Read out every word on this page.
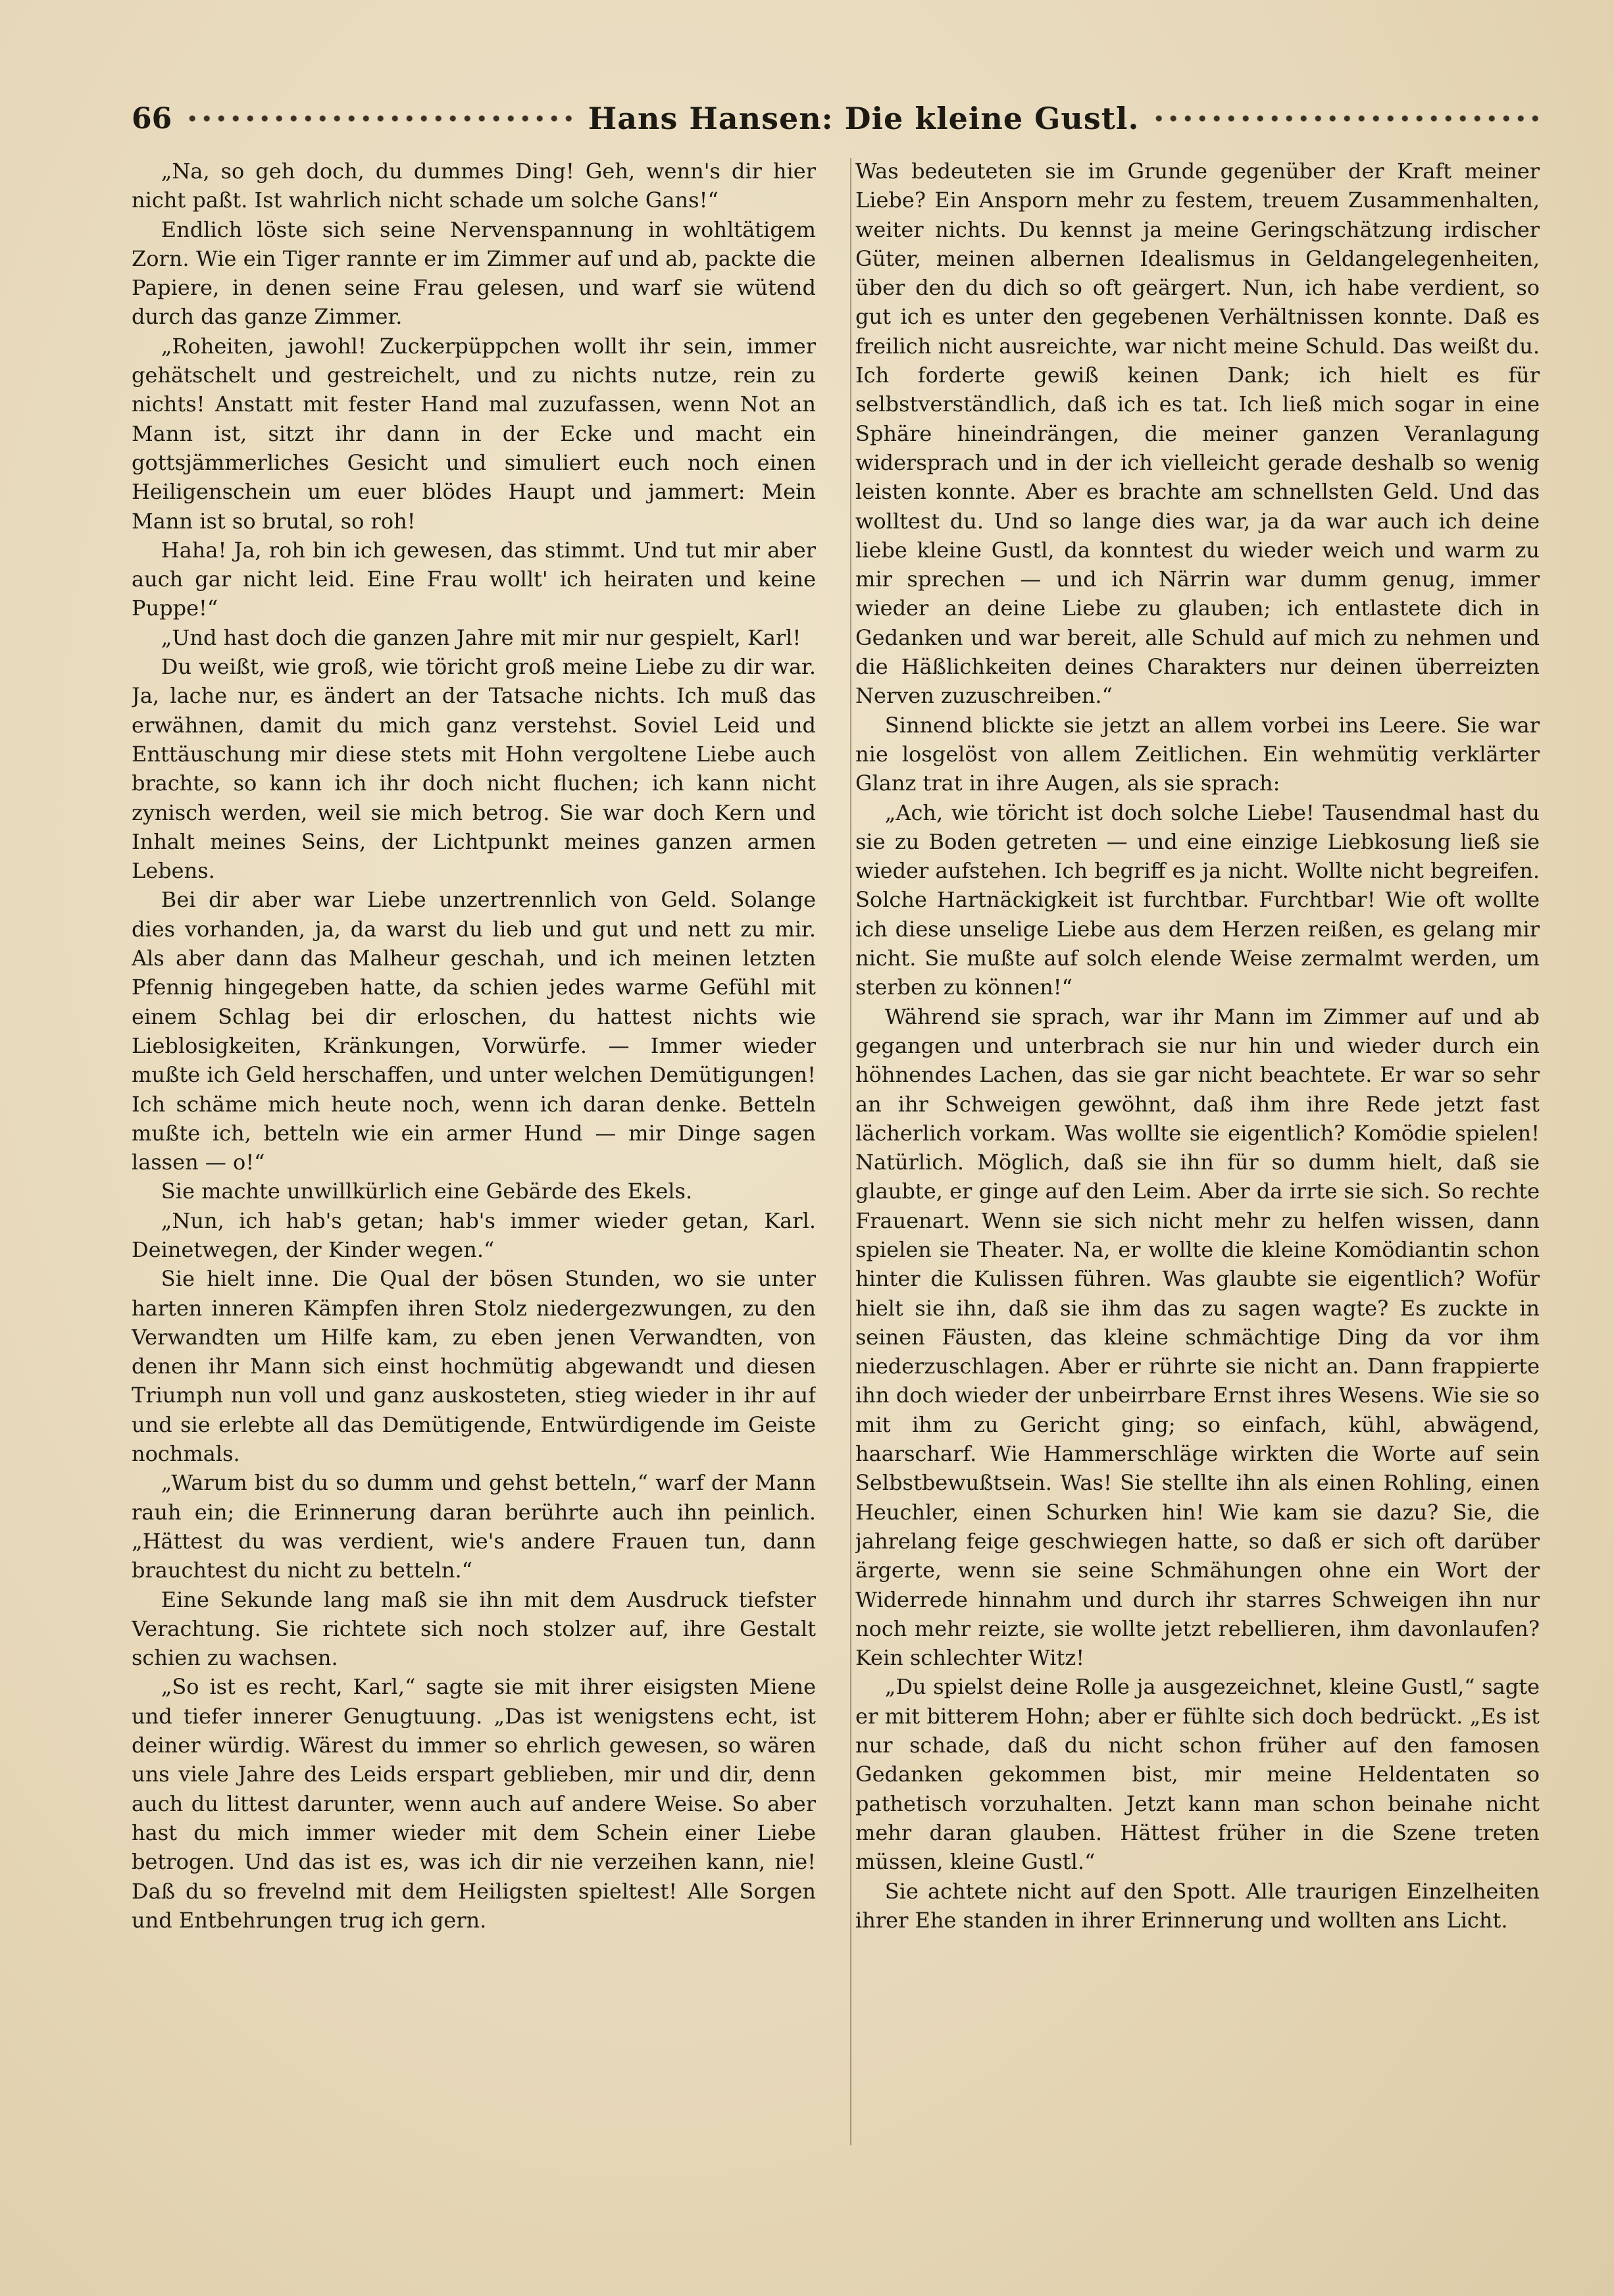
66	Hans Hansen: Die kleine Gustl.

„Na, so geh doch, du dummes Ding! Geh, wenn's dir hier nicht paßt. Ist wahrlich nicht schade um solche Gans!“

Endlich löste sich seine Nervenspannung in wohltätigem Zorn. Wie ein Tiger rannte er im Zimmer auf und ab, packte die Papiere, in denen seine Frau gelesen, und warf sie wütend durch das ganze Zimmer.

„Roheiten, jawohl! Zuckerpüppchen wollt ihr sein, immer gehätschelt und gestreichelt, und zu nichts nutze, rein zu nichts! Anstatt mit fester Hand mal zuzufassen, wenn Not an Mann ist, sitzt ihr dann in der Ecke und macht ein gottsjämmerliches Gesicht und simuliert euch noch einen Heiligenschein um euer blödes Haupt und jammert: Mein Mann ist so brutal, so roh!

Haha! Ja, roh bin ich gewesen, das stimmt. Und tut mir aber auch gar nicht leid. Eine Frau wollt' ich heiraten und keine Puppe!“

„Und hast doch die ganzen Jahre mit mir nur gespielt, Karl!

Du weißt, wie groß, wie töricht groß meine Liebe zu dir war. Ja, lache nur, es ändert an der Tatsache nichts. Ich muß das erwähnen, damit du mich ganz verstehst. Soviel Leid und Enttäuschung mir diese stets mit Hohn vergoltene Liebe auch brachte, so kann ich ihr doch nicht fluchen; ich kann nicht zynisch werden, weil sie mich betrog. Sie war doch Kern und Inhalt meines Seins, der Lichtpunkt meines ganzen armen Lebens.

Bei dir aber war Liebe unzertrennlich von Geld. Solange dies vorhanden, ja, da warst du lieb und gut und nett zu mir. Als aber dann das Malheur geschah, und ich meinen letzten Pfennig hingegeben hatte, da schien jedes warme Gefühl mit einem Schlag bei dir erloschen, du hattest nichts wie Lieblosigkeiten, Kränkungen, Vorwürfe. — Immer wieder mußte ich Geld herschaffen, und unter welchen Demütigungen! Ich schäme mich heute noch, wenn ich daran denke. Betteln mußte ich, betteln wie ein armer Hund — mir Dinge sagen lassen — o!“

Sie machte unwillkürlich eine Gebärde des Ekels.

„Nun, ich hab's getan; hab's immer wieder getan, Karl. Deinetwegen, der Kinder wegen.“

Sie hielt inne. Die Qual der bösen Stunden, wo sie unter harten inneren Kämpfen ihren Stolz niedergezwungen, zu den Verwandten um Hilfe kam, zu eben jenen Verwandten, von denen ihr Mann sich einst hochmütig abgewandt und diesen Triumph nun voll und ganz auskosteten, stieg wieder in ihr auf und sie erlebte all das Demütigende, Entwürdigende im Geiste nochmals.

„Warum bist du so dumm und gehst betteln,“ warf der Mann rauh ein; die Erinnerung daran berührte auch ihn peinlich. „Hättest du was verdient, wie's andere Frauen tun, dann brauchtest du nicht zu betteln.“

Eine Sekunde lang maß sie ihn mit dem Ausdruck tiefster Verachtung. Sie richtete sich noch stolzer auf, ihre Gestalt schien zu wachsen.

„So ist es recht, Karl,“ sagte sie mit ihrer eisigsten Miene und tiefer innerer Genugtuung. „Das ist wenigstens echt, ist deiner würdig. Wärest du immer so ehrlich gewesen, so wären uns viele Jahre des Leids erspart geblieben, mir und dir, denn auch du littest darunter, wenn auch auf andere Weise. So aber hast du mich immer wieder mit dem Schein einer Liebe betrogen. Und das ist es, was ich dir nie verzeihen kann, nie! Daß du so frevelnd mit dem Heiligsten spieltest! Alle Sorgen und Entbehrungen trug ich gern.

Was bedeuteten sie im Grunde gegenüber der Kraft meiner Liebe? Ein Ansporn mehr zu festem, treuem Zusammenhalten, weiter nichts. Du kennst ja meine Geringschätzung irdischer Güter, meinen albernen Idealismus in Geldangelegenheiten, über den du dich so oft geärgert. Nun, ich habe verdient, so gut ich es unter den gegebenen Verhältnissen konnte. Daß es freilich nicht ausreichte, war nicht meine Schuld. Das weißt du. Ich forderte gewiß keinen Dank; ich hielt es für selbstverständlich, daß ich es tat. Ich ließ mich sogar in eine Sphäre hineindrängen, die meiner ganzen Veranlagung widersprach und in der ich vielleicht gerade deshalb so wenig leisten konnte. Aber es brachte am schnellsten Geld. Und das wolltest du. Und so lange dies war, ja da war auch ich deine liebe kleine Gustl, da konntest du wieder weich und warm zu mir sprechen — und ich Närrin war dumm genug, immer wieder an deine Liebe zu glauben; ich entlastete dich in Gedanken und war bereit, alle Schuld auf mich zu nehmen und die Häßlichkeiten deines Charakters nur deinen überreizten Nerven zuzuschreiben.“

Sinnend blickte sie jetzt an allem vorbei ins Leere. Sie war nie losgelöst von allem Zeitlichen. Ein wehmütig verklärter Glanz trat in ihre Augen, als sie sprach:

„Ach, wie töricht ist doch solche Liebe! Tausendmal hast du sie zu Boden getreten — und eine einzige Liebkosung ließ sie wieder aufstehen. Ich begriff es ja nicht. Wollte nicht begreifen. Solche Hartnäckigkeit ist furchtbar. Furchtbar! Wie oft wollte ich diese unselige Liebe aus dem Herzen reißen, es gelang mir nicht. Sie mußte auf solch elende Weise zermalmt werden, um sterben zu können!“

Während sie sprach, war ihr Mann im Zimmer auf und ab gegangen und unterbrach sie nur hin und wieder durch ein höhnendes Lachen, das sie gar nicht beachtete. Er war so sehr an ihr Schweigen gewöhnt, daß ihm ihre Rede jetzt fast lächerlich vorkam. Was wollte sie eigentlich? Komödie spielen! Natürlich. Möglich, daß sie ihn für so dumm hielt, daß sie glaubte, er ginge auf den Leim. Aber da irrte sie sich. So rechte Frauenart. Wenn sie sich nicht mehr zu helfen wissen, dann spielen sie Theater. Na, er wollte die kleine Komödiantin schon hinter die Kulissen führen. Was glaubte sie eigentlich? Wofür hielt sie ihn, daß sie ihm das zu sagen wagte? Es zuckte in seinen Fäusten, das kleine schmächtige Ding da vor ihm niederzuschlagen. Aber er rührte sie nicht an. Dann frappierte ihn doch wieder der unbeirrbare Ernst ihres Wesens. Wie sie so mit ihm zu Gericht ging; so einfach, kühl, abwägend, haarscharf. Wie Hammerschläge wirkten die Worte auf sein Selbstbewußtsein. Was! Sie stellte ihn als einen Rohling, einen Heuchler, einen Schurken hin! Wie kam sie dazu? Sie, die jahrelang feige geschwiegen hatte, so daß er sich oft darüber ärgerte, wenn sie seine Schmähungen ohne ein Wort der Widerrede hinnahm und durch ihr starres Schweigen ihn nur noch mehr reizte, sie wollte jetzt rebellieren, ihm davonlaufen? Kein schlechter Witz!

„Du spielst deine Rolle ja ausgezeichnet, kleine Gustl,“ sagte er mit bitterem Hohn; aber er fühlte sich doch bedrückt. „Es ist nur schade, daß du nicht schon früher auf den famosen Gedanken gekommen bist, mir meine Heldentaten so pathetisch vorzuhalten. Jetzt kann man schon beinahe nicht mehr daran glauben. Hättest früher in die Szene treten müssen, kleine Gustl.“

Sie achtete nicht auf den Spott. Alle traurigen Einzelheiten ihrer Ehe standen in ihrer Erinnerung und wollten ans Licht.
